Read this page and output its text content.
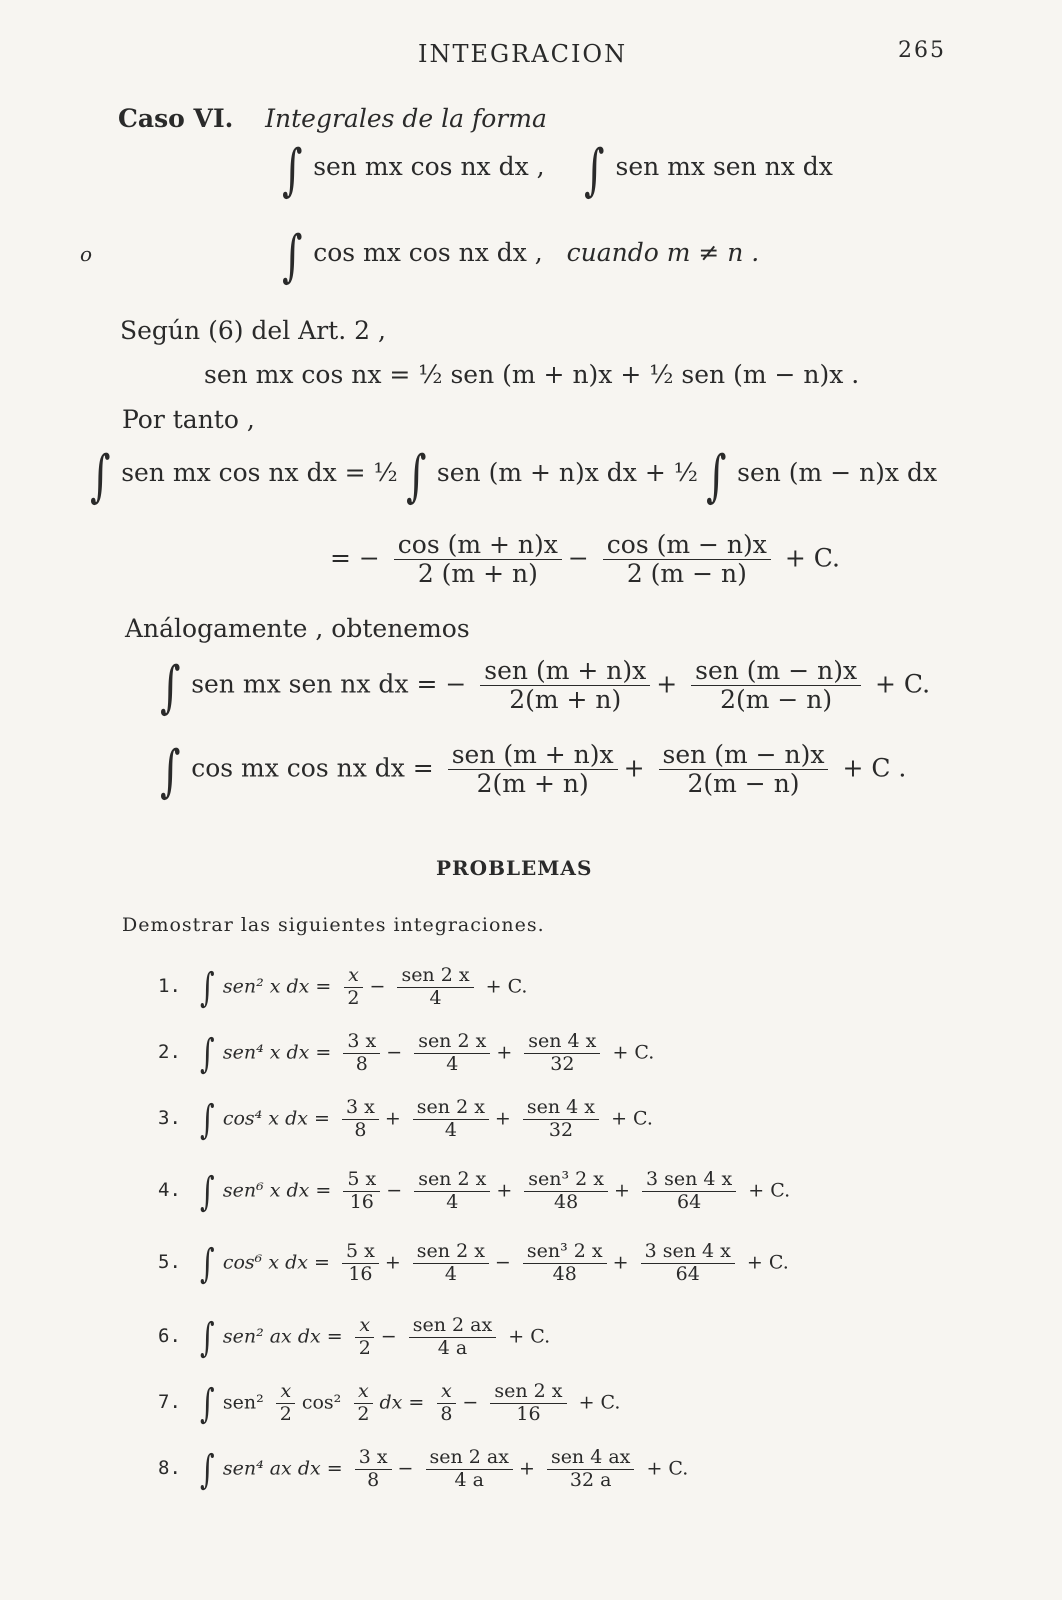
INTEGRACION	265
Caso VI. Integrales de la forma
∫ sen mx cos nx dx , ∫ sen mx sen nx dx
o	∫ cos mx cos nx dx , cuando m ≠ n .
Según (6) del Art. 2 ,
sen mx cos nx = ½ sen (m + n)x + ½ sen (m − n)x .
Por tanto ,
∫ sen mx cos nx dx = ½ ∫ sen (m + n)x dx + ½ ∫ sen (m − n)x dx
= − $\frac{\cos (m + n)x}{2 (m + n)} - \frac{\cos (m - n)x}{2 (m - n)} + C$.
Análogamente , obtenemos
∫ sen mx sen nx dx = − $\frac{\text{sen (m + n)x}}{2(m + n)} + \frac{\text{sen (m − n)x}}{2(m - n)} + C$.
∫ cos mx cos nx dx = $\frac{\text{sen (m + n)x}}{2(m + n)} + \frac{\text{sen (m − n)x}}{2(m - n)} + C$ .
PROBLEMAS
Demostrar las siguientes integraciones.
1. ∫ sen² x dx = $\frac{x}{2} - \frac{\text{sen 2 x}}{4} + C$.
2. ∫ sen⁴ x dx = $\frac{3 x}{8} - \frac{\text{sen 2 x}}{4} + \frac{\text{sen 4 x}}{32} + C$.
3. ∫ cos⁴ x dx = $\frac{3 x}{8} + \frac{\text{sen 2 x}}{4} + \frac{\text{sen 4 x}}{32} + C$.
4. ∫ sen⁶ x dx = $\frac{5 x}{16} - \frac{\text{sen 2 x}}{4} + \frac{\text{sen³ 2 x}}{48} + \frac{\text{3 sen 4 x}}{64} + C$.
5. ∫ cos⁶ x dx = $\frac{5 x}{16} + \frac{\text{sen 2 x}}{4} - \frac{\text{sen³ 2 x}}{48} + \frac{\text{3 sen 4 x}}{64} + C$.
6. ∫ sen² ax dx = $\frac{x}{2} - \frac{\text{sen 2 ax}}{4 a} + C$.
7. ∫ $sen^2 \frac{x}{2} \cos^2 \frac{x}{2}$ dx = $\frac{x}{8} - \frac{\text{sen 2 x}}{16} + C$.
8. ∫ sen⁴ ax dx = $\frac{3 x}{8} - \frac{\text{sen 2 ax}}{4 a} + \frac{\text{sen 4 ax}}{32 a} + C$.
